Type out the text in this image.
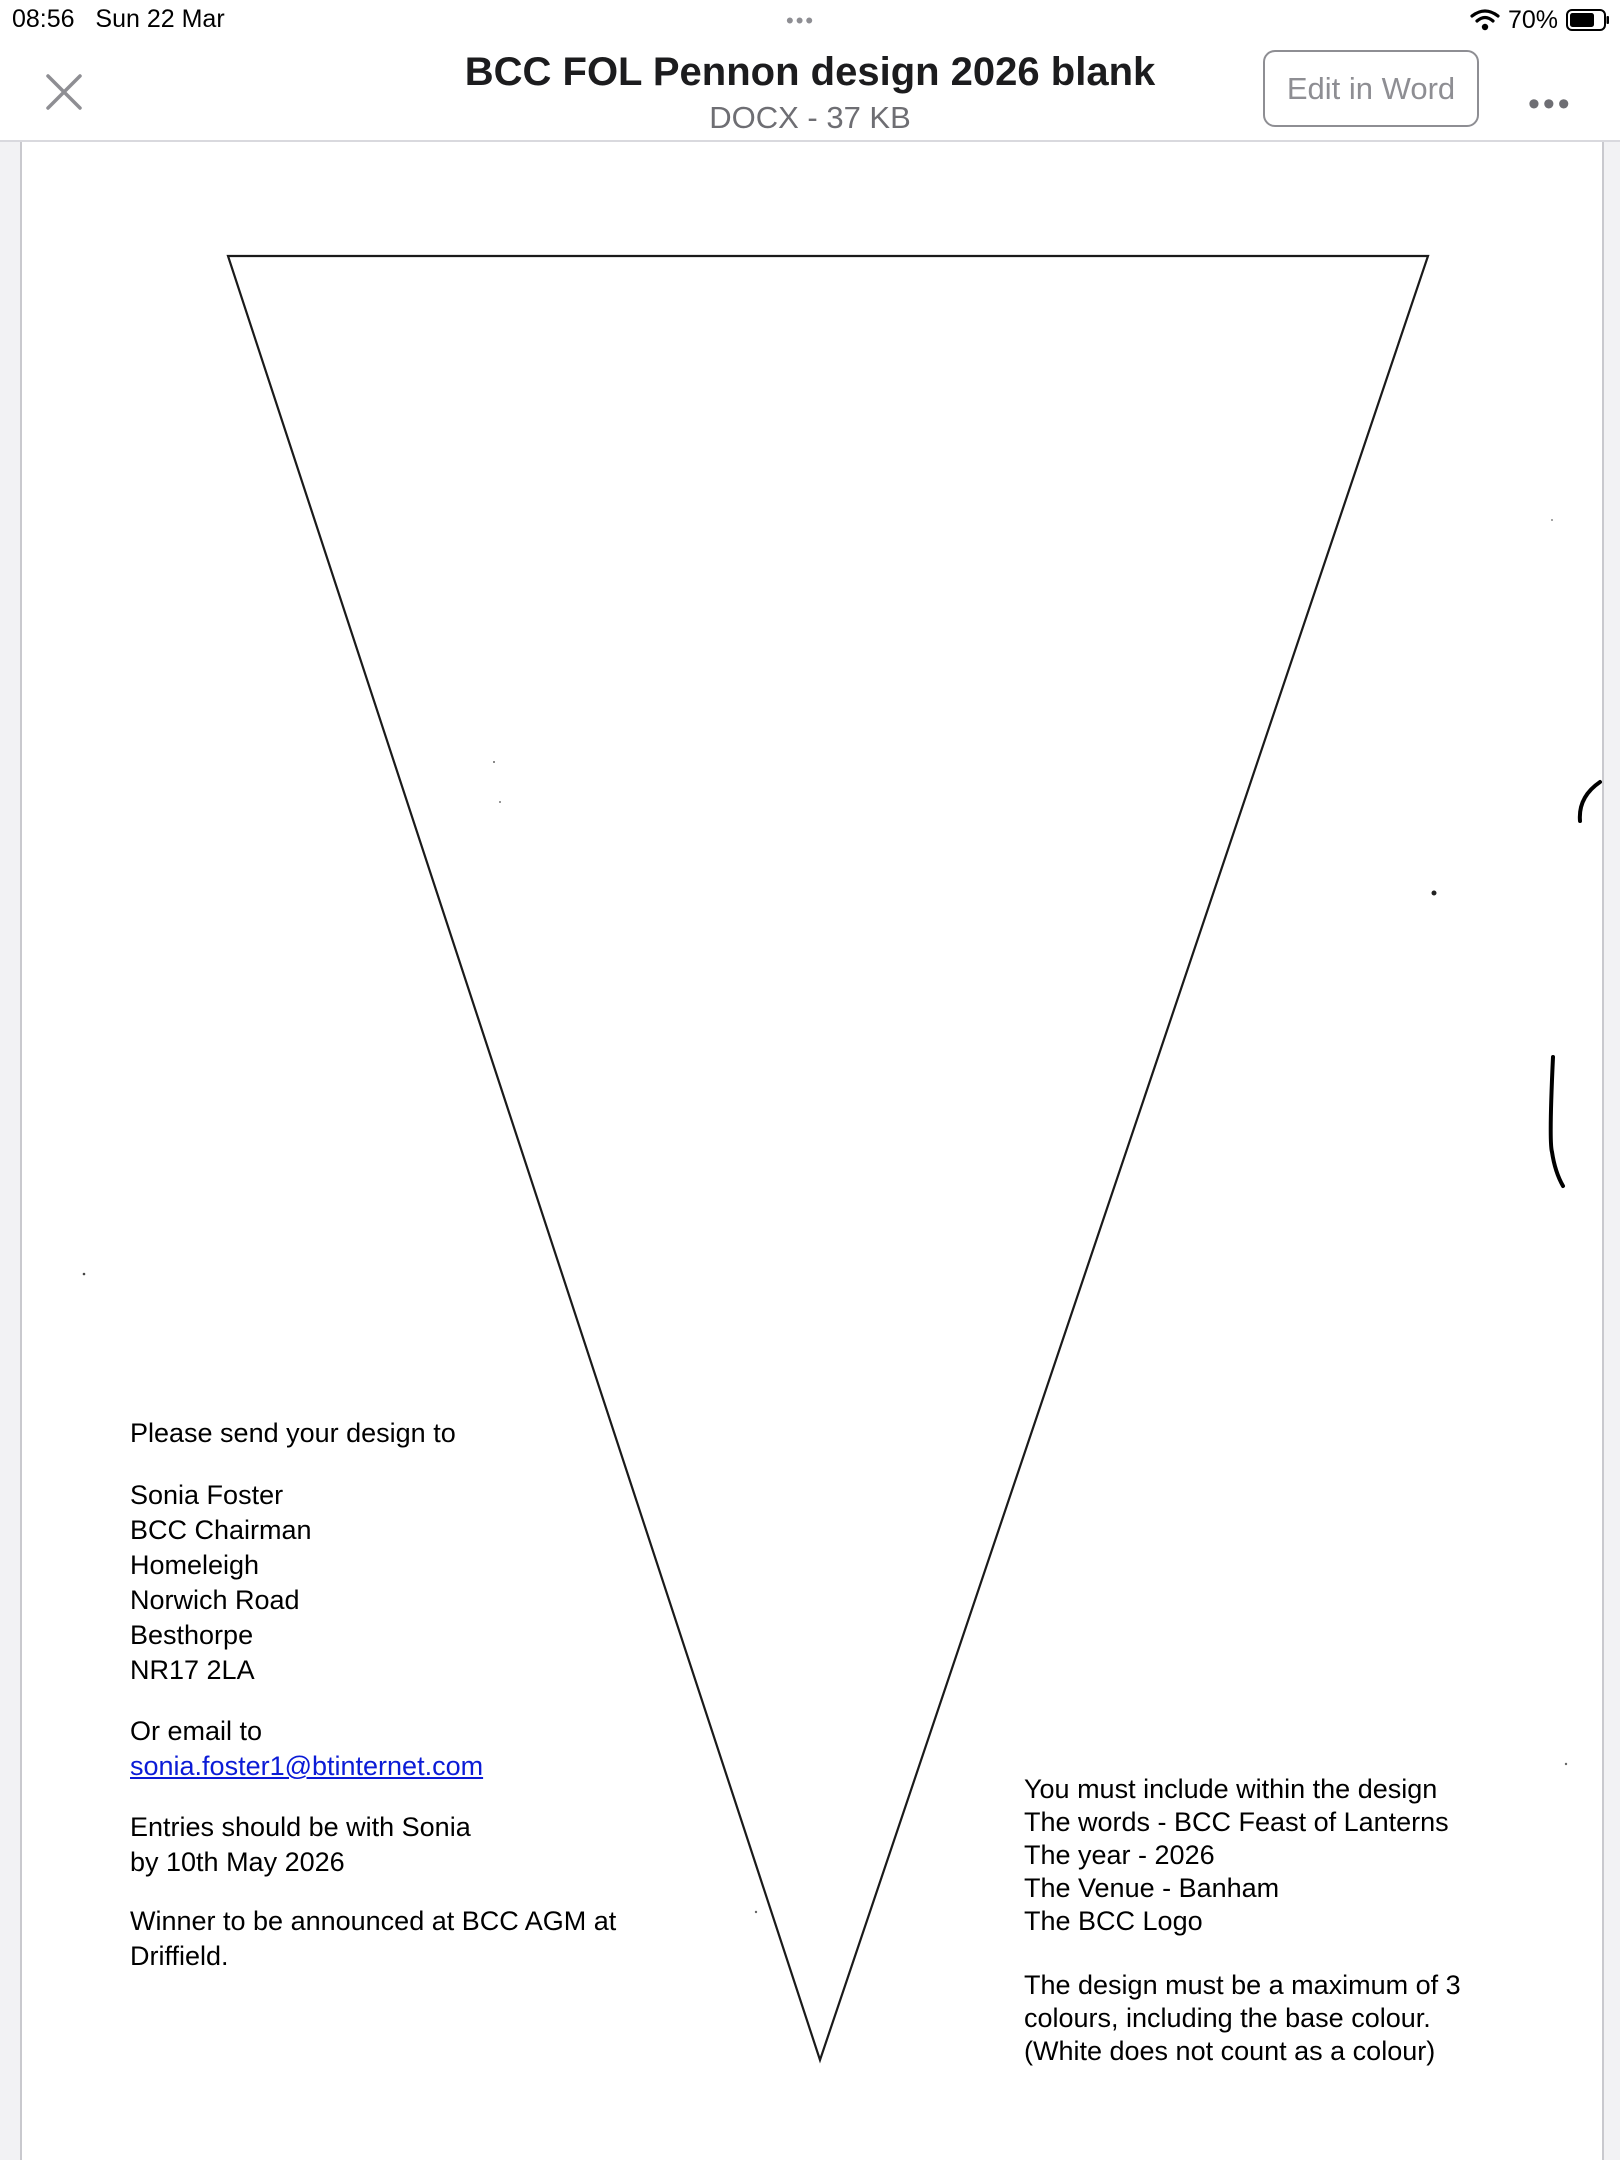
08:56 Sun 22 Mar	•••	70%
BCC FOL Pennon design 2026 blank
DOCX - 37 KB
Edit in Word	•••
Please send your design to
Sonia Foster
BCC Chairman
Homeleigh
Norwich Road
Besthorpe
NR17 2LA
Or email to
sonia.foster1@btinternet.com
Entries should be with Sonia
by 10th May 2026
Winner to be announced at BCC AGM at
Driffield.
You must include within the design
The words - BCC Feast of Lanterns
The year - 2026
The Venue - Banham
The BCC Logo
The design must be a maximum of 3
colours, including the base colour.
(White does not count as a colour)
